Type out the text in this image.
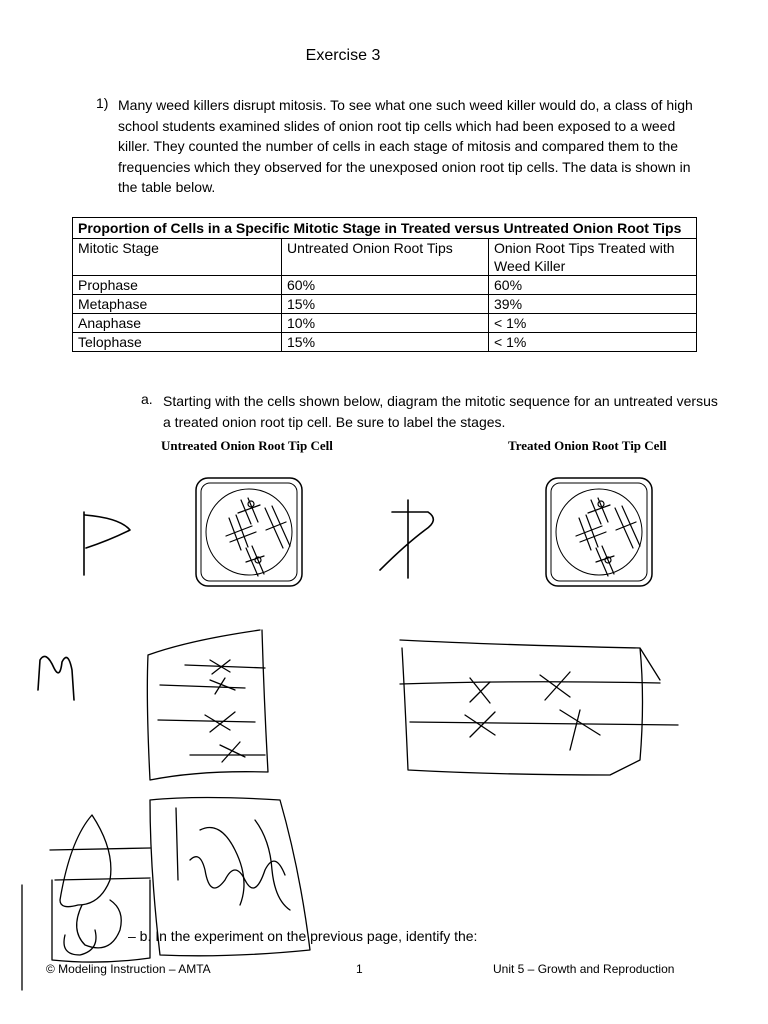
Exercise 3
1) Many weed killers disrupt mitosis. To see what one such weed killer would do, a class of high school students examined slides of onion root tip cells which had been exposed to a weed killer. They counted the number of cells in each stage of mitosis and compared them to the frequencies which they observed for the unexposed onion root tip cells. The data is shown in the table below.
Proportion of Cells in a Specific Mitotic Stage in Treated versus Untreated Onion Root Tips		
Mitotic Stage	Untreated Onion Root Tips	Onion Root Tips Treated with Weed Killer
Prophase	60%	60%
Metaphase	15%	39%
Anaphase	10%	< 1%
Telophase	15%	< 1%
a. Starting with the cells shown below, diagram the mitotic sequence for an untreated versus a treated onion root tip cell. Be sure to label the stages.
Untreated Onion Root Tip Cell	Treated Onion Root Tip Cell
– b. In the experiment on the previous page, identify the:
© Modeling Instruction – AMTA	1	Unit 5 – Growth and Reproduction
